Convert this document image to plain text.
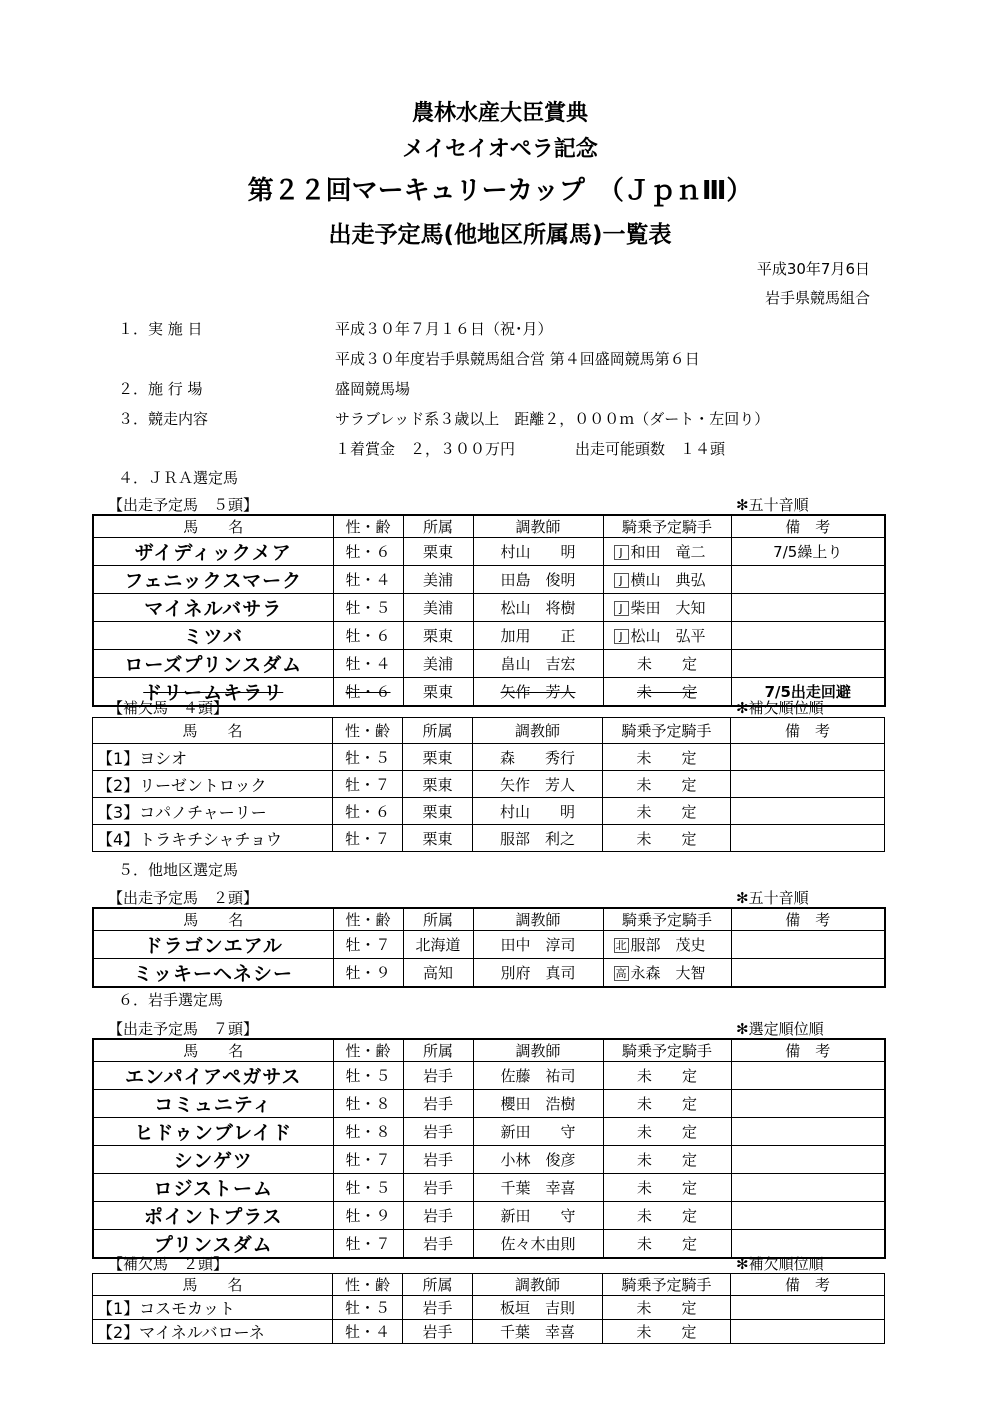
農林水産大臣賞典
メイセイオペラ記念
第２２回マーキュリーカップ　（ＪｐｎⅢ）
出走予定馬(他地区所属馬)一覧表
平成30年7月6日
岩手県競馬組合
１．実 施 日	平成３０年７月１６日（祝･月）
平成３０年度岩手県競馬組合営 第４回盛岡競馬第６日
２．施 行 場	盛岡競馬場
３．競走内容	サラブレッド系３歳以上　距離２，０００ｍ（ダート・左回り）
１着賞金　２，３００万円　　　　出走可能頭数　１４頭
４．ＪＲＡ選定馬
【出走予定馬　５頭】	✻五十音順
馬　　名	性・齢	所属	調教師	騎乗予定騎手	備　考
ザイディックメア	牡・６	栗東	村山　　明	J 和田　竜二	7/5繰上り
フェニックスマーク	牡・４	美浦	田島　俊明	J 横山　典弘	
マイネルバサラ	牡・５	美浦	松山　将樹	J 柴田　大知	
ミツバ	牡・６	栗東	加用　　正	J 松山　弘平	
ローズプリンスダム	牡・４	美浦	畠山　吉宏	未　　定	
ドリームキラリ	牡・６	栗東	矢作　芳人	未　　定	7/5出走回避
【補欠馬　４頭】	✻補欠順位順
馬　　名	性・齢	所属	調教師	騎乗予定騎手	備　考
【1】ヨシオ	牡・５	栗東	森　　秀行	未　　定	
【2】リーゼントロック	牡・７	栗東	矢作　芳人	未　　定	
【3】コパノチャーリー	牡・６	栗東	村山　　明	未　　定	
【4】トラキチシャチョウ	牡・７	栗東	服部　利之	未　　定	
５．他地区選定馬
【出走予定馬　２頭】	✻五十音順
馬　　名	性・齢	所属	調教師	騎乗予定騎手	備　考
ドラゴンエアル	牡・７	北海道	田中　淳司	北 服部　茂史	
ミッキーヘネシー	牡・９	高知	別府　真司	高 永森　大智	
６．岩手選定馬
【出走予定馬　７頭】	✻選定順位順
馬　　名	性・齢	所属	調教師	騎乗予定騎手	備　考
エンパイアペガサス	牡・５	岩手	佐藤　祐司	未　　定	
コミュニティ	牡・８	岩手	櫻田　浩樹	未　　定	
ヒドゥンブレイド	牡・８	岩手	新田　　守	未　　定	
シンゲツ	牡・７	岩手	小林　俊彦	未　　定	
ロジストーム	牡・５	岩手	千葉　幸喜	未　　定	
ポイントプラス	牡・９	岩手	新田　　守	未　　定	
プリンスダム	牡・７	岩手	佐々木由則	未　　定	
【補欠馬　２頭】	✻補欠順位順
馬　　名	性・齢	所属	調教師	騎乗予定騎手	備　考
【1】コスモカット	牡・５	岩手	板垣　吉則	未　　定	
【2】マイネルバローネ	牡・４	岩手	千葉　幸喜	未　　定	
